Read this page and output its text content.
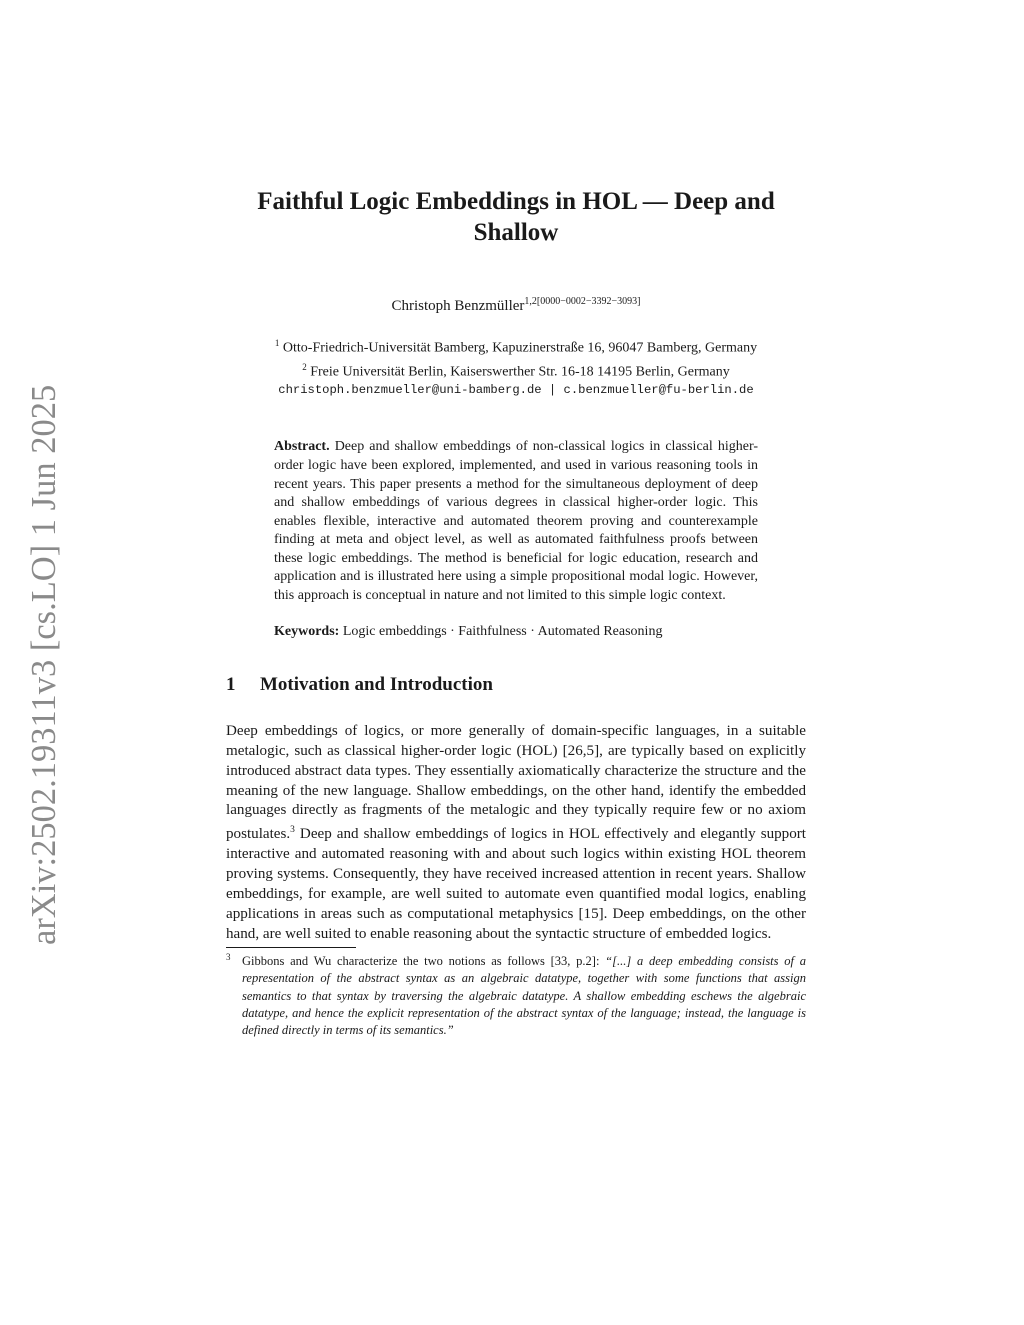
arXiv:2502.19311v3 [cs.LO] 1 Jun 2025
Faithful Logic Embeddings in HOL — Deep and Shallow
Christoph Benzmüller$^{1,2[0000-0002-3392-3093]}$
$^1$ Otto-Friedrich-Universität Bamberg, Kapuzinerstraße 16, 96047 Bamberg, Germany
$^2$ Freie Universität Berlin, Kaiserswerther Str. 16-18 14195 Berlin, Germany
christoph.benzmueller@uni-bamberg.de | c.benzmueller@fu-berlin.de
Abstract. Deep and shallow embeddings of non-classical logics in classical higher-order logic have been explored, implemented, and used in various reasoning tools in recent years. This paper presents a method for the simultaneous deployment of deep and shallow embeddings of various degrees in classical higher-order logic. This enables flexible, interactive and automated theorem proving and counterexample finding at meta and object level, as well as automated faithfulness proofs between these logic embeddings. The method is beneficial for logic education, research and application and is illustrated here using a simple propositional modal logic. However, this approach is conceptual in nature and not limited to this simple logic context.
Keywords: Logic embeddings · Faithfulness · Automated Reasoning
1 Motivation and Introduction
Deep embeddings of logics, or more generally of domain-specific languages, in a suitable metalogic, such as classical higher-order logic (HOL) [26,5], are typically based on explicitly introduced abstract data types. They essentially axiomatically characterize the structure and the meaning of the new language. Shallow embeddings, on the other hand, identify the embedded languages directly as fragments of the metalogic and they typically require few or no axiom postulates.$^3$ Deep and shallow embeddings of logics in HOL effectively and elegantly support interactive and automated reasoning with and about such logics within existing HOL theorem proving systems. Consequently, they have received increased attention in recent years. Shallow embeddings, for example, are well suited to automate even quantified modal logics, enabling applications in areas such as computational metaphysics [15]. Deep embeddings, on the other hand, are well suited to enable reasoning about the syntactic structure of embedded logics.
3 Gibbons and Wu characterize the two notions as follows [33, p.2]: “[...] a deep embedding consists of a representation of the abstract syntax as an algebraic datatype, together with some functions that assign semantics to that syntax by traversing the algebraic datatype. A shallow embedding eschews the algebraic datatype, and hence the explicit representation of the abstract syntax of the language; instead, the language is defined directly in terms of its semantics.”
